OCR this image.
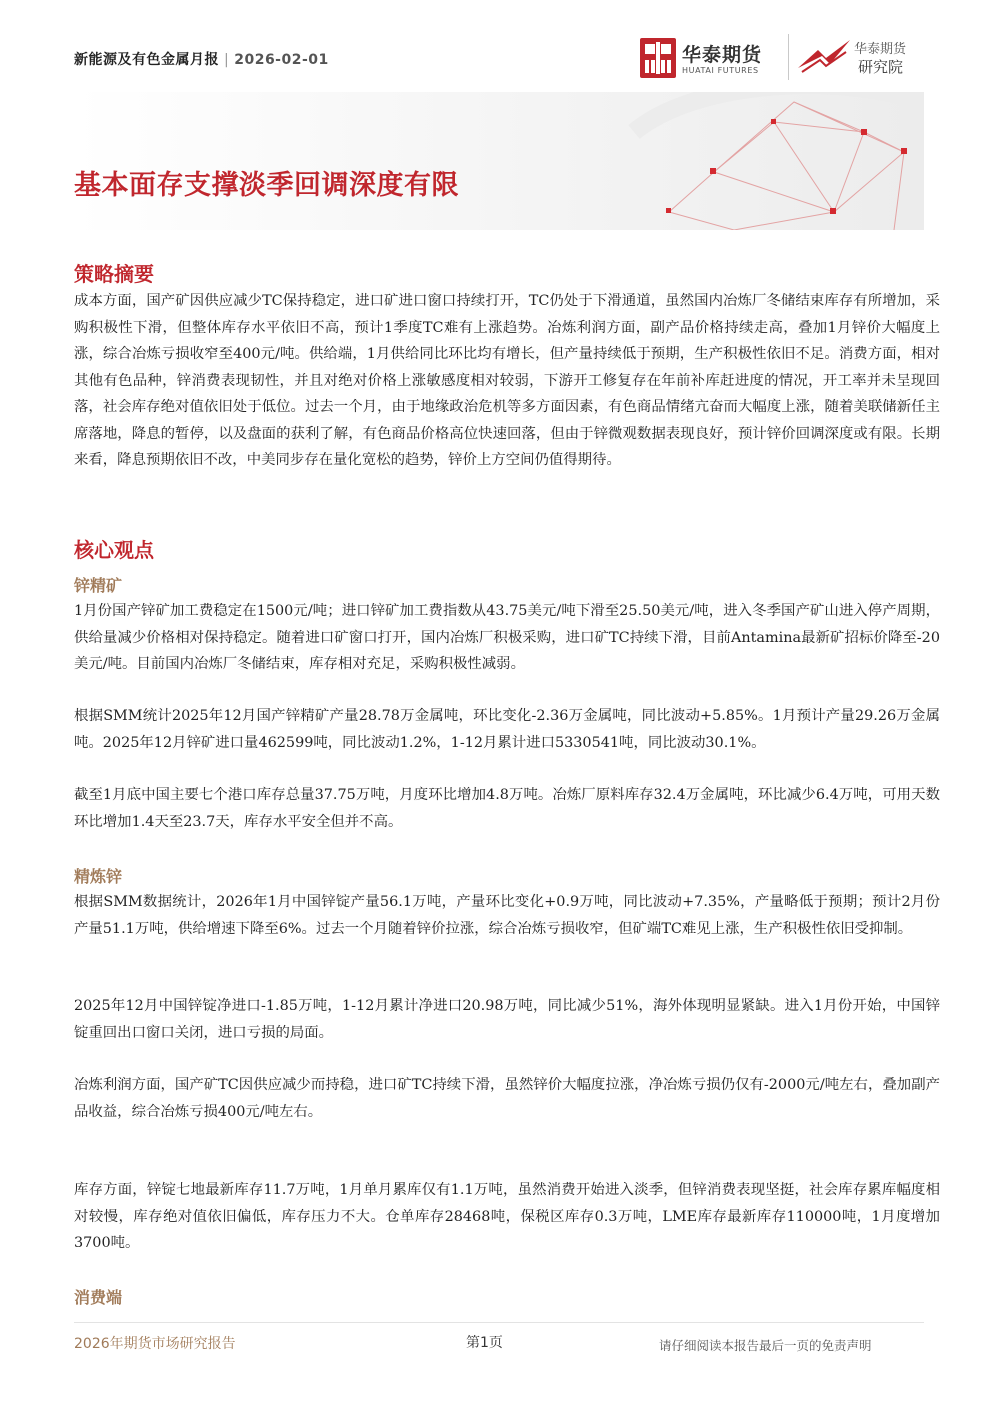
新能源及有色金属月报 | 2026-02-01	华泰期货
HUATAI FUTURES
华泰期货
研究院
基本面存支撑淡季回调深度有限
策略摘要

成本方面，国产矿因供应减少TC保持稳定，进口矿进口窗口持续打开，TC仍处于下滑通道，虽然国内冶炼厂冬储结束库存有所增加，采购积极性下滑，但整体库存水平依旧不高，预计1季度TC难有上涨趋势。冶炼利润方面，副产品价格持续走高，叠加1月锌价大幅度上涨，综合冶炼亏损收窄至400元/吨。供给端，1月供给同比环比均有增长，但产量持续低于预期，生产积极性依旧不足。消费方面，相对其他有色品种，锌消费表现韧性，并且对绝对价格上涨敏感度相对较弱，下游开工修复存在年前补库赶进度的情况，开工率并未呈现回落，社会库存绝对值依旧处于低位。过去一个月，由于地缘政治危机等多方面因素，有色商品情绪亢奋而大幅度上涨，随着美联储新任主席落地，降息的暂停，以及盘面的获利了解，有色商品价格高位快速回落，但由于锌微观数据表现良好，预计锌价回调深度或有限。长期来看，降息预期依旧不改，中美同步存在量化宽松的趋势，锌价上方空间仍值得期待。

核心观点
锌精矿

1月份国产锌矿加工费稳定在1500元/吨；进口锌矿加工费指数从43.75美元/吨下滑至25.50美元/吨，进入冬季国产矿山进入停产周期，供给量减少价格相对保持稳定。随着进口矿窗口打开，国内冶炼厂积极采购，进口矿TC持续下滑，目前Antamina最新矿招标价降至-20美元/吨。目前国内冶炼厂冬储结束，库存相对充足，采购积极性减弱。

根据SMM统计2025年12月国产锌精矿产量28.78万金属吨，环比变化-2.36万金属吨，同比波动+5.85%。1月预计产量29.26万金属吨。2025年12月锌矿进口量462599吨，同比波动1.2%，1-12月累计进口5330541吨，同比波动30.1%。

截至1月底中国主要七个港口库存总量37.75万吨，月度环比增加4.8万吨。冶炼厂原料库存32.4万金属吨，环比减少6.4万吨，可用天数环比增加1.4天至23.7天，库存水平安全但并不高。

精炼锌

根据SMM数据统计，2026年1月中国锌锭产量56.1万吨，产量环比变化+0.9万吨，同比波动+7.35%，产量略低于预期；预计2月份产量51.1万吨，供给增速下降至6%。过去一个月随着锌价拉涨，综合冶炼亏损收窄，但矿端TC难见上涨，生产积极性依旧受抑制。

2025年12月中国锌锭净进口-1.85万吨，1-12月累计净进口20.98万吨，同比减少51%，海外体现明显紧缺。进入1月份开始，中国锌锭重回出口窗口关闭，进口亏损的局面。

冶炼利润方面，国产矿TC因供应减少而持稳，进口矿TC持续下滑，虽然锌价大幅度拉涨，净冶炼亏损仍仅有-2000元/吨左右，叠加副产品收益，综合冶炼亏损400元/吨左右。

库存方面，锌锭七地最新库存11.7万吨，1月单月累库仅有1.1万吨，虽然消费开始进入淡季，但锌消费表现坚挺，社会库存累库幅度相对较慢，库存绝对值依旧偏低，库存压力不大。仓单库存28468吨，保税区库存0.3万吨，LME库存最新库存110000吨，1月度增加3700吨。

消费端
2026年期货市场研究报告	第1页	请仔细阅读本报告最后一页的免责声明
